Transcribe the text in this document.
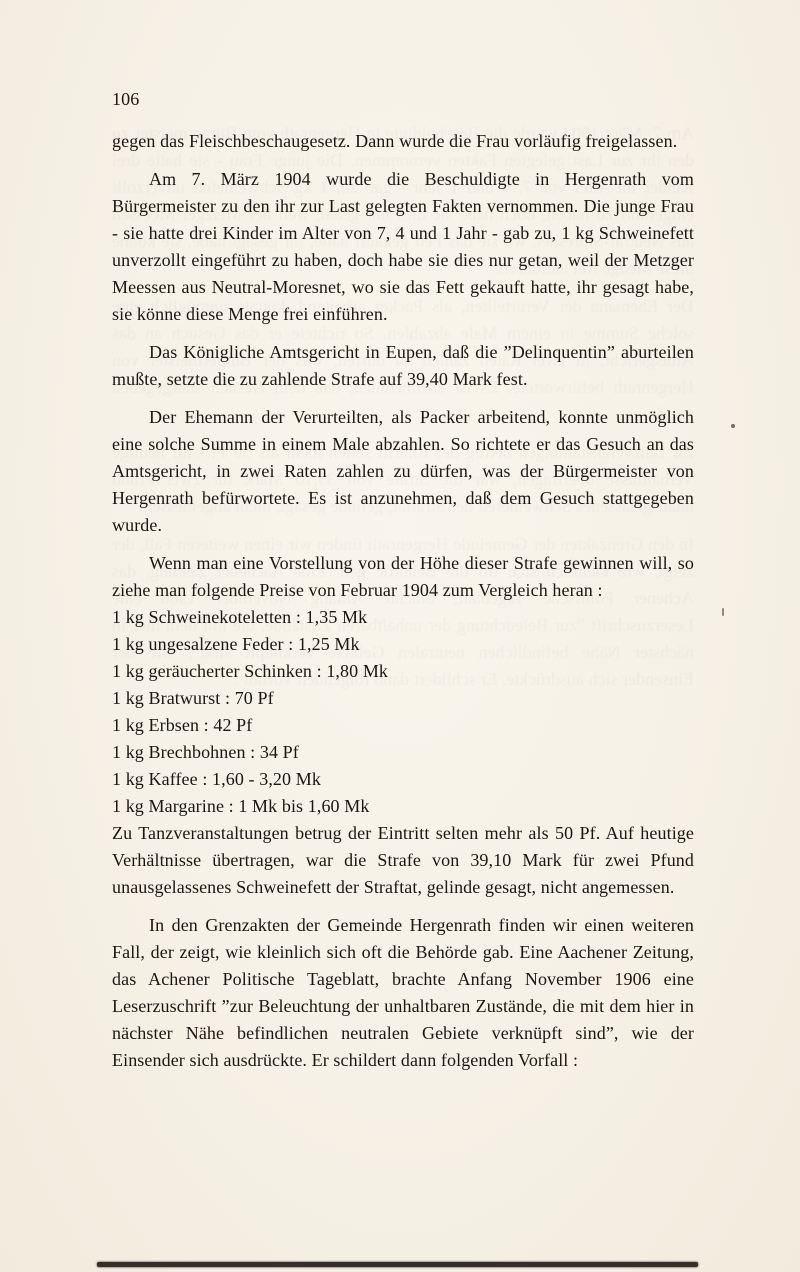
106

gegen das Fleischbeschaugesetz. Dann wurde die Frau vorläufig freigelassen.

Am 7. März 1904 wurde die Beschuldigte in Hergenrath vom Bürgermeister zu den ihr zur Last gelegten Fakten vernommen. Die junge Frau - sie hatte drei Kinder im Alter von 7, 4 und 1 Jahr - gab zu, 1 kg Schweinefett unverzollt eingeführt zu haben, doch habe sie dies nur getan, weil der Metzger Meessen aus Neutral-Moresnet, wo sie das Fett gekauft hatte, ihr gesagt habe, sie könne diese Menge frei einführen.

Das Königliche Amtsgericht in Eupen, daß die ”Delinquentin” aburteilen mußte, setzte die zu zahlende Strafe auf 39,40 Mark fest.

Der Ehemann der Verurteilten, als Packer arbeitend, konnte unmöglich eine solche Summe in einem Male abzahlen. So richtete er das Gesuch an das Amtsgericht, in zwei Raten zahlen zu dürfen, was der Bürgermeister von Hergenrath befürwortete. Es ist anzunehmen, daß dem Gesuch stattgegeben wurde.

Wenn man eine Vorstellung von der Höhe dieser Strafe gewinnen will, so ziehe man folgende Preise von Februar 1904 zum Vergleich heran :

1 kg Schweinekoteletten : 1,35 Mk

1 kg ungesalzene Feder : 1,25 Mk

1 kg geräucherter Schinken : 1,80 Mk

1 kg Bratwurst : 70 Pf

1 kg Erbsen : 42 Pf

1 kg Brechbohnen : 34 Pf

1 kg Kaffee : 1,60 - 3,20 Mk

1 kg Margarine : 1 Mk bis 1,60 Mk

Zu Tanzveranstaltungen betrug der Eintritt selten mehr als 50 Pf. Auf heutige Verhältnisse übertragen, war die Strafe von 39,10 Mark für zwei Pfund unausgelassenes Schweinefett der Straftat, gelinde gesagt, nicht angemessen.

In den Grenzakten der Gemeinde Hergenrath finden wir einen weiteren Fall, der zeigt, wie kleinlich sich oft die Behörde gab. Eine Aachener Zeitung, das Achener Politische Tageblatt, brachte Anfang November 1906 eine Leserzuschrift ”zur Beleuchtung der unhaltbaren Zustände, die mit dem hier in nächster Nähe befindlichen neutralen Gebiete verknüpft sind”, wie der Einsender sich ausdrückte. Er schildert dann folgenden Vorfall :
